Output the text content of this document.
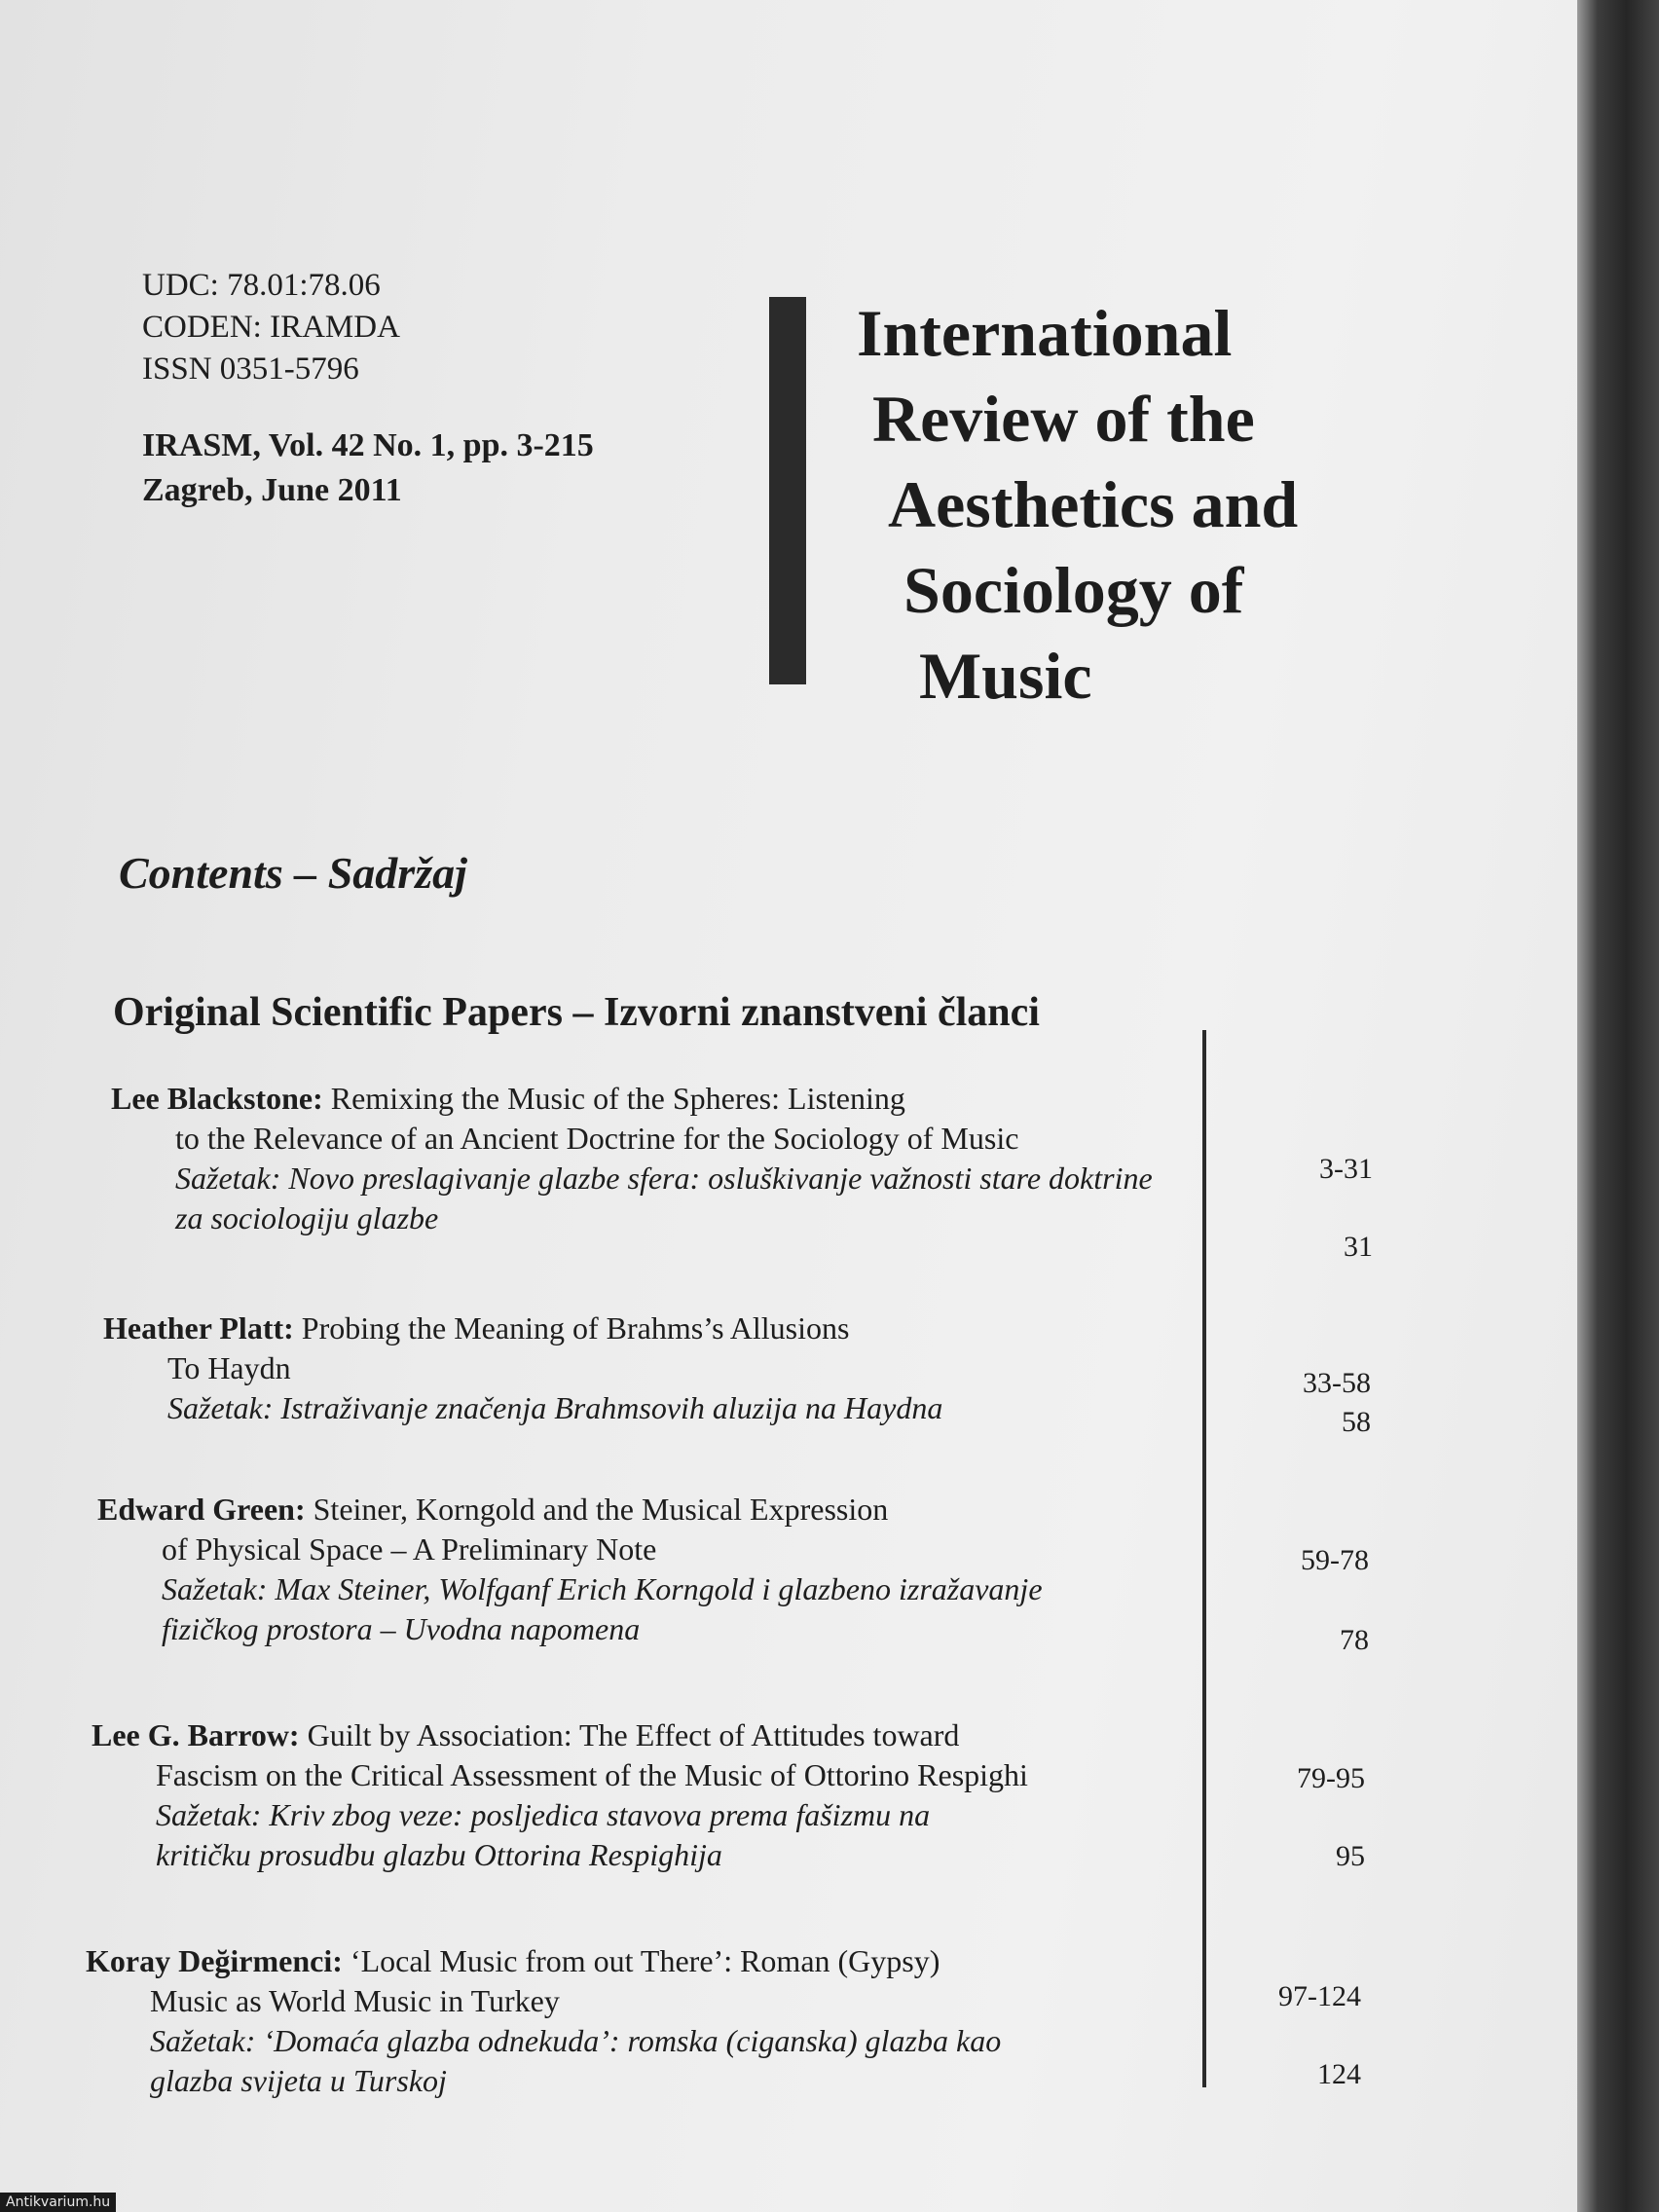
UDC: 78.01:78.06
CODEN: IRAMDA
ISSN 0351-5796
IRASM, Vol. 42 No. 1, pp. 3-215
Zagreb, June 2011
International
Review of the
Aesthetics and
Sociology of
Music
Contents – Sadržaj
Original Scientific Papers – Izvorni znanstveni članci
Lee Blackstone: Remixing the Music of the Spheres: Listening
to the Relevance of an Ancient Doctrine for the Sociology of Music
Sažetak: Novo preslagivanje glazbe sfera: osluškivanje važnosti stare doktrine
za sociologiju glazbe
3-31
31
Heather Platt: Probing the Meaning of Brahms’s Allusions
To Haydn
Sažetak: Istraživanje značenja Brahmsovih aluzija na Haydna
33-58
58
Edward Green: Steiner, Korngold and the Musical Expression
of Physical Space – A Preliminary Note
Sažetak: Max Steiner, Wolfganf Erich Korngold i glazbeno izražavanje
fizičkog prostora – Uvodna napomena
59-78
78
Lee G. Barrow: Guilt by Association: The Effect of Attitudes toward
Fascism on the Critical Assessment of the Music of Ottorino Respighi
Sažetak: Kriv zbog veze: posljedica stavova prema fašizmu na
kritičku prosudbu glazbu Ottorina Respighija
79-95
95
Koray Değirmenci: ‘Local Music from out There’: Roman (Gypsy)
Music as World Music in Turkey
Sažetak: ‘Domaća glazba odnekuda’: romska (ciganska) glazba kao
glazba svijeta u Turskoj
97-124
124
Antikvarium.hu
